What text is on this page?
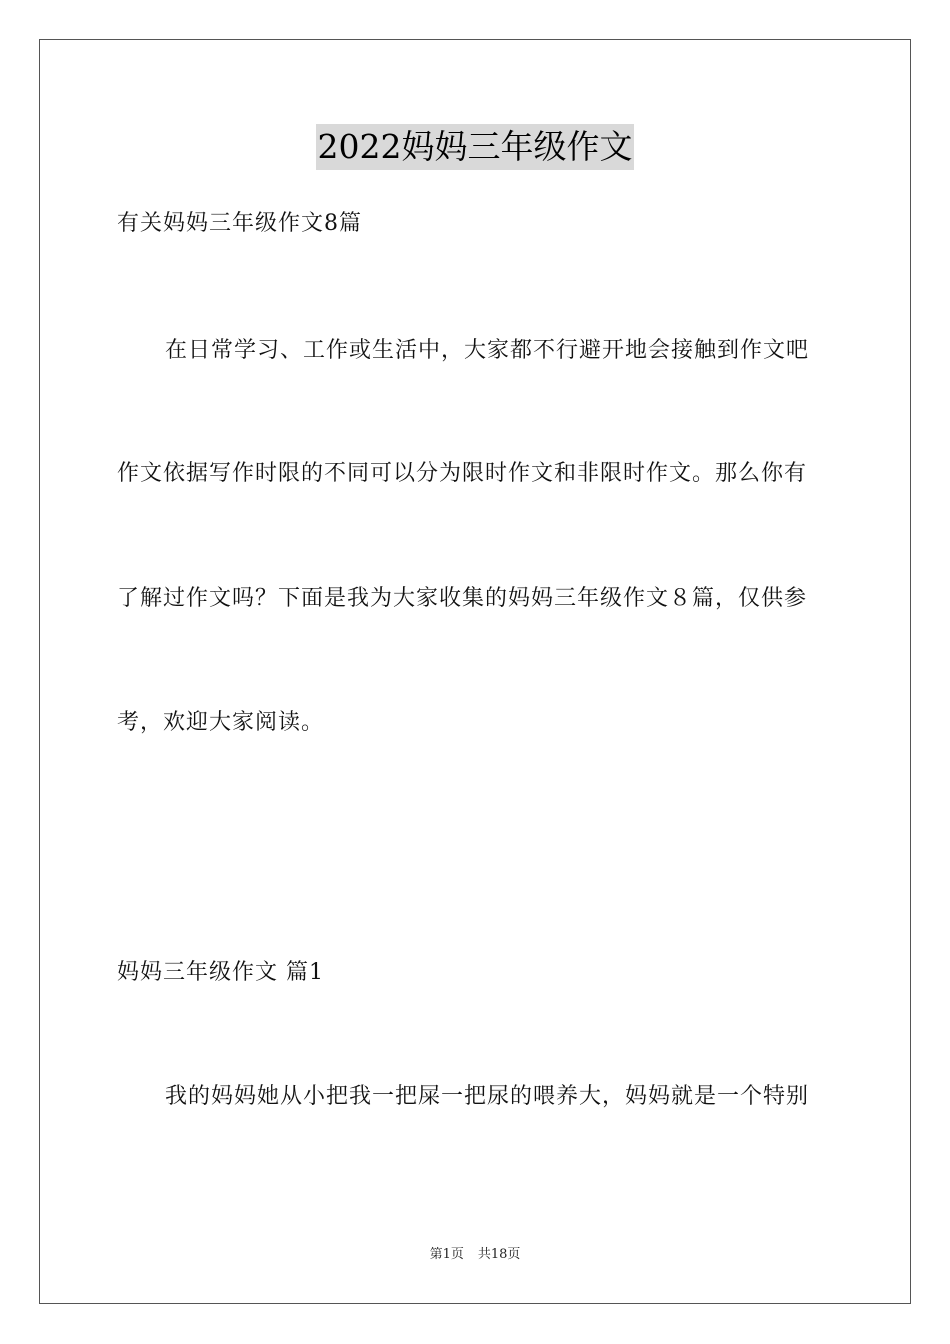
2022妈妈三年级作文
有关妈妈三年级作文8篇
在日常学习、工作或生活中，大家都不行避开地会接触到作文吧
作文依据写作时限的不同可以分为限时作文和非限时作文。那么你有
了解过作文吗？下面是我为大家收集的妈妈三年级作文８篇，仅供参
考，欢迎大家阅读。
妈妈三年级作文 篇1
我的妈妈她从小把我一把屎一把尿的喂养大，妈妈就是一个特别
第1页 共18页
